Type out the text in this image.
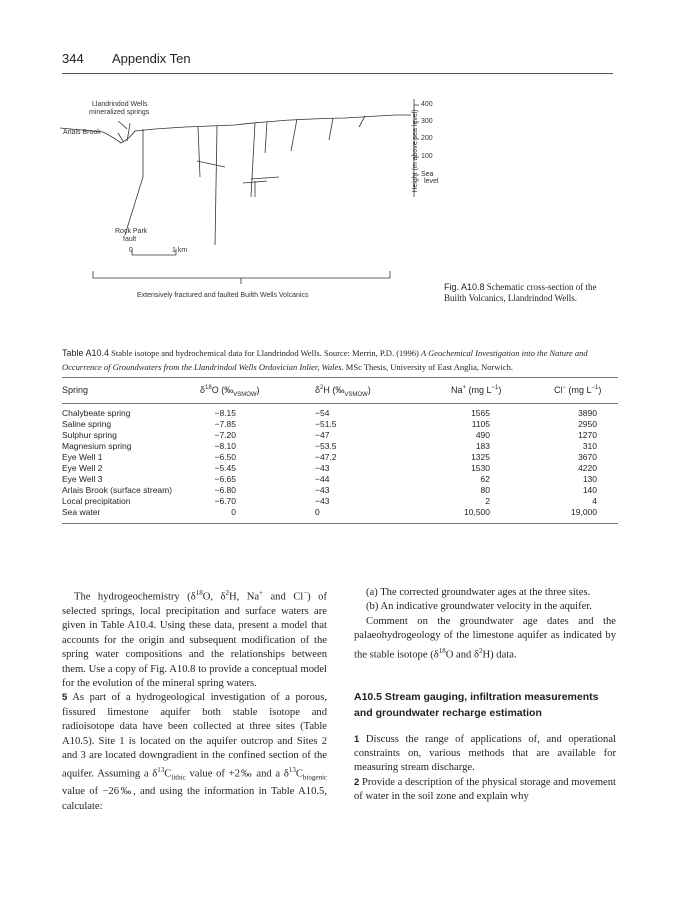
344 Appendix Ten
Llandrindod Wells
mineralized springs
Arlais Brook
Rock Park
fault
0	1 km
Extensively fractured and faulted Builth Wells Volcanics
Height (m above sea level)
400
300
200
100
Sea
level
Fig. A10.8 Schematic cross-section of the Builth Volcanics, Llandrindod Wells.
Table A10.4 Stable isotope and hydrochemical data for Llandrindod Wells. Source: Merrin, P.D. (1996) A Geochemical Investigation into the Nature and Occurrence of Groundwaters from the Llandrindod Wells Ordovician Inlier, Wales. MSc Thesis, University of East Anglia, Norwich.
Spring	$\delta^{18}O$ $(‰_{VSMOW})$	$\delta^2H$ $(‰_{VSMOW})$	Na+ (mg $L^{-1}$)	Cl− (mg $L^{-1}$)
Chalybeate spring	−8.15	−54	1565	3890
Saline spring	−7.85	−51.5	1105	2950
Sulphur spring	−7.20	−47	490	1270
Magnesium spring	−8.10	−53.5	183	310
Eye Well 1	−6.50	−47.2	1325	3670
Eye Well 2	−5.45	−43	1530	4220
Eye Well 3	−6.65	−44	62	130
Arlais Brook (surface stream)	−6.80	−43	80	140
Local precipitation	−6.70	−43	2	4
Sea water	0	0	10,500	19,000

The hydrogeochemistry ($\delta^{18}O$, $\delta^2H$, Na+ and Cl−) of selected springs, local precipitation and surface waters are given in Table A10.4. Using these data, present a model that accounts for the origin and subsequent modification of the spring water compositions and the relationships between them. Use a copy of Fig. A10.8 to provide a conceptual model for the evolution of the mineral spring waters.

5 As part of a hydrogeological investigation of a porous, fissured limestone aquifer both stable isotope and radioisotope data have been collected at three sites (Table A10.5). Site 1 is located on the aquifer outcrop and Sites 2 and 3 are located downgradient in the confined section of the aquifer. Assuming a $\delta^{13}C_{lithic}$ value of +2‰ and a $\delta^{13}C_{biogenic}$ value of −26‰, and using the information in Table A10.5, calculate:

(a) The corrected groundwater ages at the three sites.

(b) An indicative groundwater velocity in the aquifer.

Comment on the groundwater age dates and the palaeohydrogeology of the limestone aquifer as indicated by the stable isotope ($\delta^{18}O$ and $\delta^2H$) data.

A10.5 Stream gauging, infiltration measurements and groundwater recharge estimation

1 Discuss the range of applications of, and operational constraints on, various methods that are available for measuring stream discharge.

2 Provide a description of the physical storage and movement of water in the soil zone and explain why
